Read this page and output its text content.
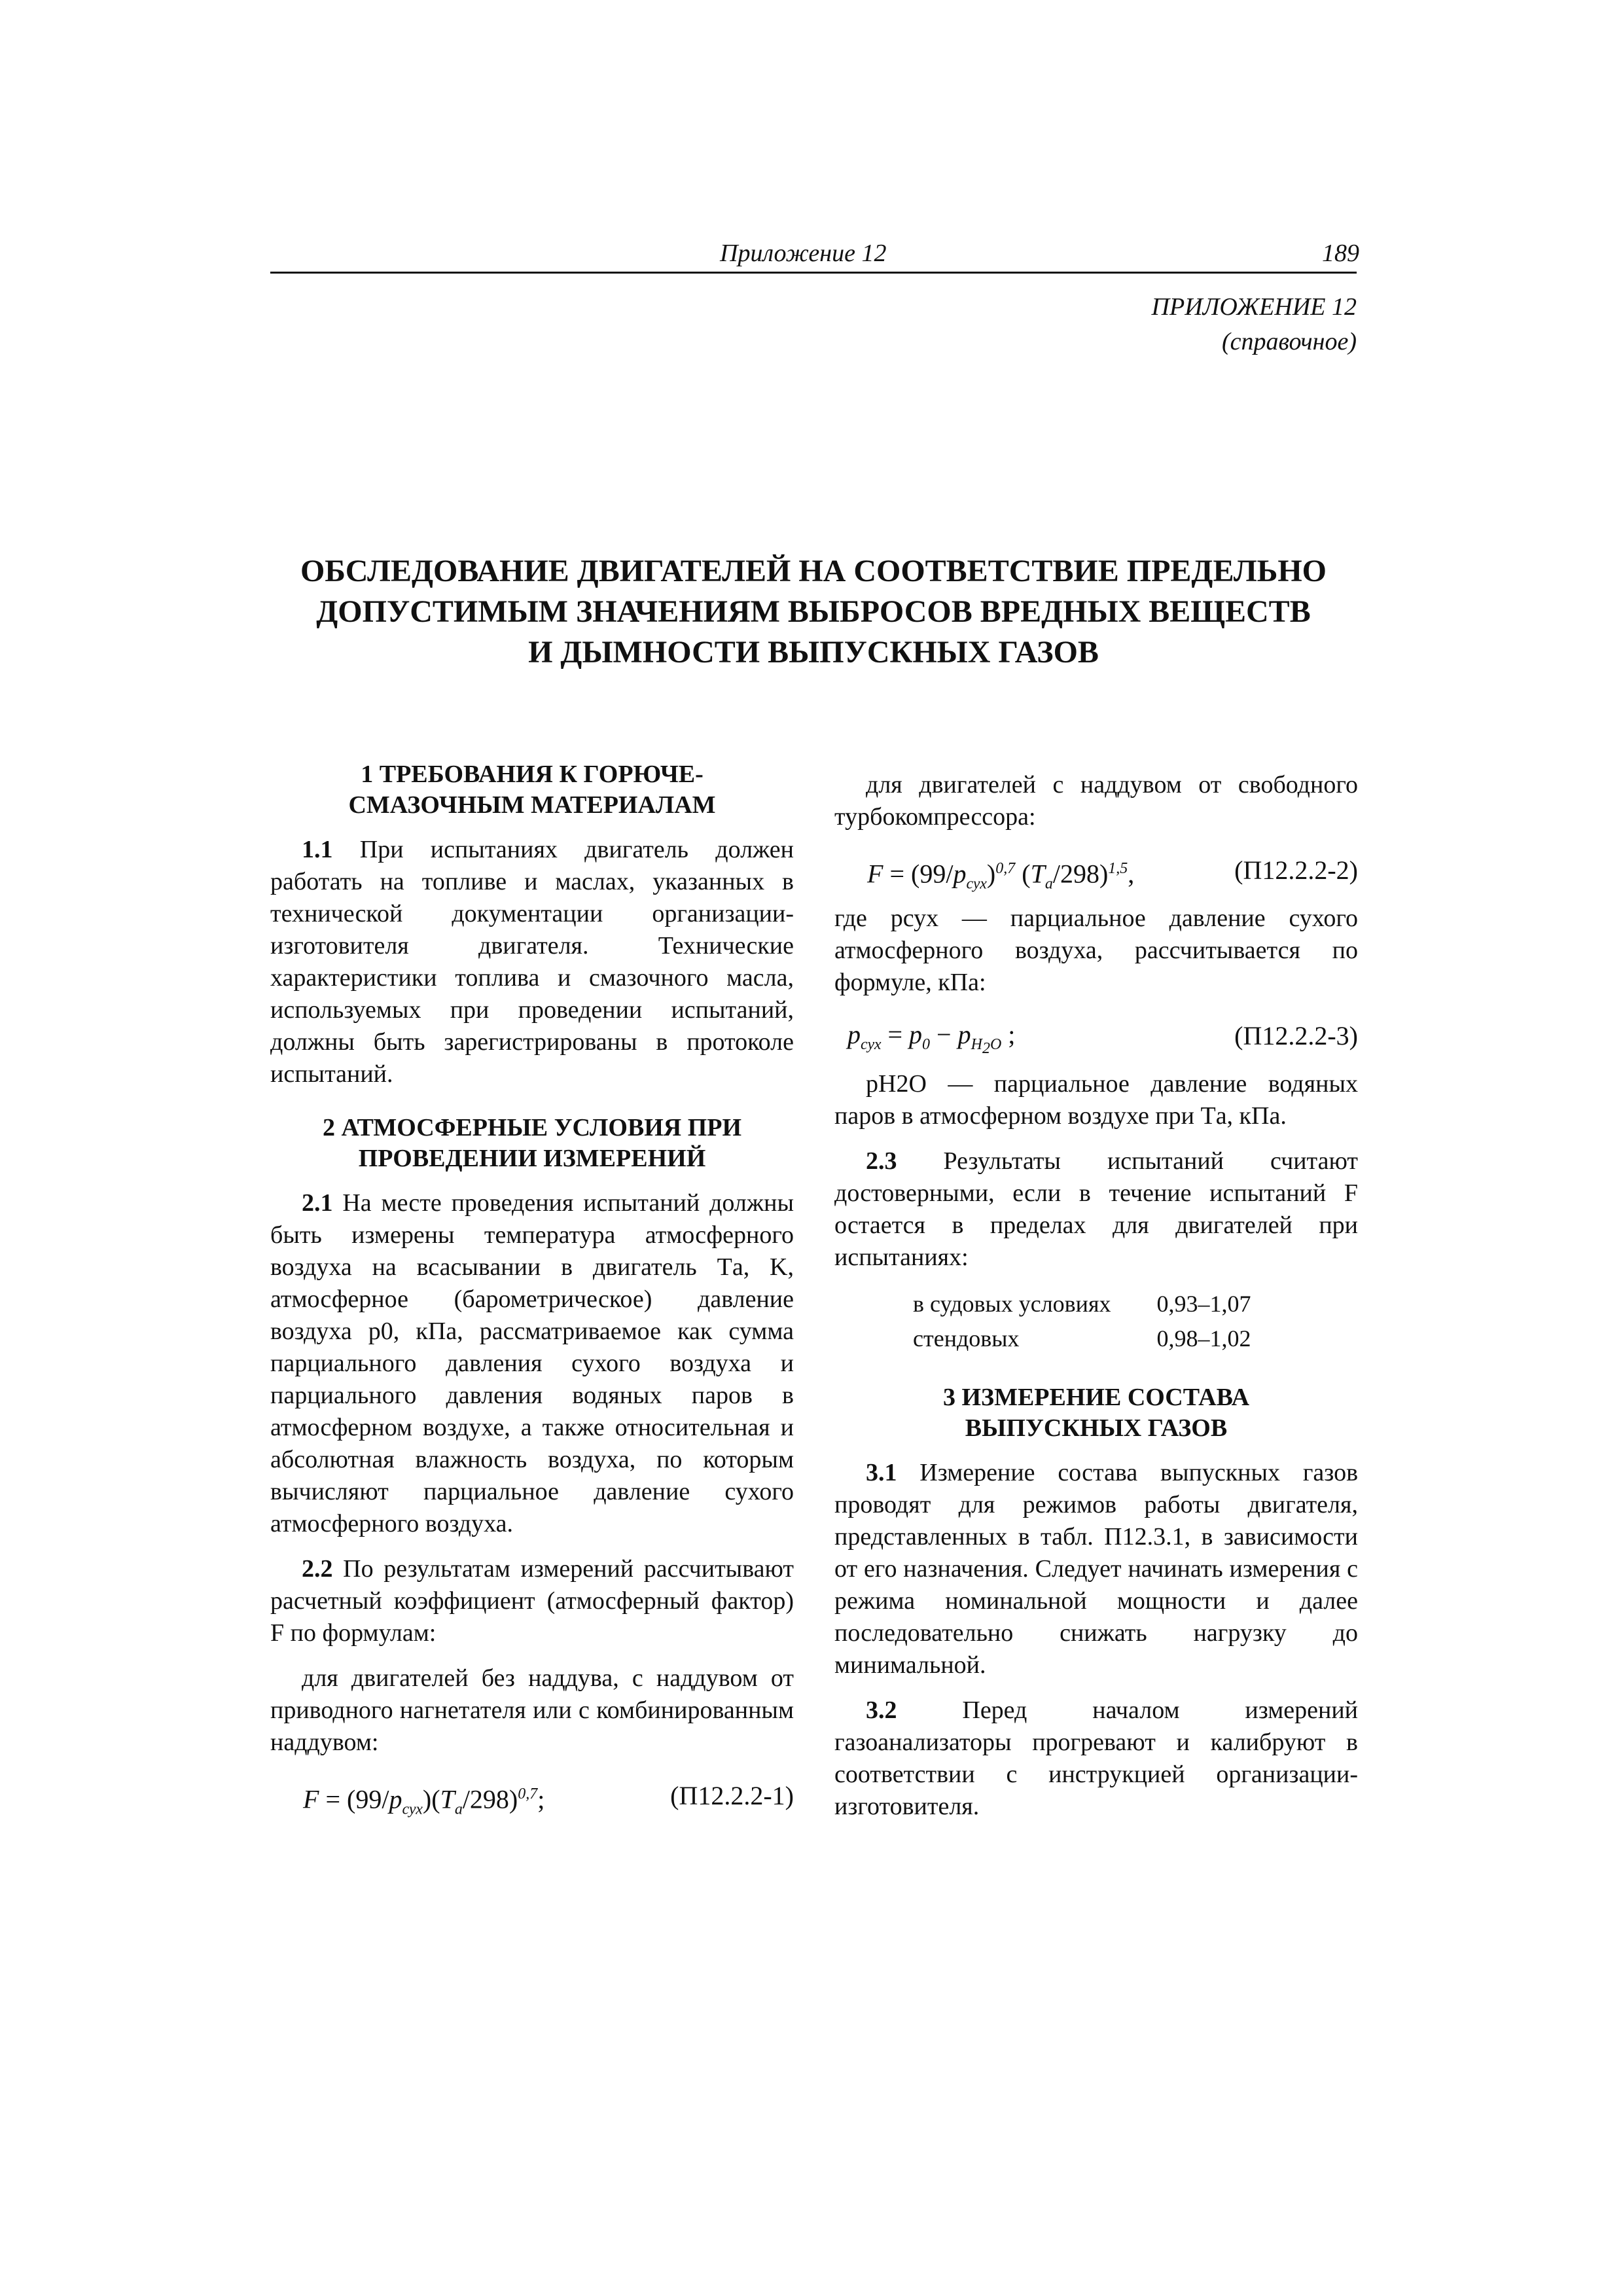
Приложение 12	189
ПРИЛОЖЕНИЕ 12
(справочное)
ОБСЛЕДОВАНИЕ ДВИГАТЕЛЕЙ НА СООТВЕТСТВИЕ ПРЕДЕЛЬНО
ДОПУСТИМЫМ ЗНАЧЕНИЯМ ВЫБРОСОВ ВРЕДНЫХ ВЕЩЕСТВ
И ДЫМНОСТИ ВЫПУСКНЫХ ГАЗОВ
1 ТРЕБОВАНИЯ К ГОРЮЧЕ-
СМАЗОЧНЫМ МАТЕРИАЛАМ

1.1 При испытаниях двигатель должен работать на топливе и маслах, указанных в технической документации организации-изготовителя двигателя. Технические характеристики топлива и смазочного масла, используемых при проведении испытаний, должны быть зарегистрированы в протоколе испытаний.

2 АТМОСФЕРНЫЕ УСЛОВИЯ ПРИ
ПРОВЕДЕНИИ ИЗМЕРЕНИЙ

2.1 На месте проведения испытаний должны быть измерены температура атмосферного воздуха на всасывании в двигатель Tа, K, атмосферное (барометрическое) давление воздуха p0, кПа, рассматриваемое как сумма парциального давления сухого воздуха и парциального давления водяных паров в атмосферном воздухе, а также относительная и абсолютная влажность воздуха, по которым вычисляют парциальное давление сухого атмосферного воздуха.

2.2 По результатам измерений рассчитывают расчетный коэффициент (атмосферный фактор) F по формулам:

для двигателей без наддува, с наддувом от приводного нагнетателя или с комбинированным наддувом:

$F = (99/p_{сух})(T_а/298)^{0,7}$;	(П12.2.2-1)

для двигателей с наддувом от свободного турбокомпрессора:

$F = (99/p_{сух})^{0,7}$ $(T_а/298)^{1,5}$,	(П12.2.2-2)

где pсух — парциальное давление сухого атмосферного воздуха, рассчитывается по формуле, кПа:

$p_{сух} = p_0 - p_{H_2O}$ ;	(П12.2.2-3)

pH2O — парциальное давление водяных паров в атмосферном воздухе при Tа, кПа.

2.3 Результаты испытаний считают достоверными, если в течение испытаний F остается в пределах для двигателей при испытаниях:

в судовых условиях	0,93–1,07
стендовых	0,98–1,02
3 ИЗМЕРЕНИЕ СОСТАВА
ВЫПУСКНЫХ ГАЗОВ

3.1 Измерение состава выпускных газов проводят для режимов работы двигателя, представленных в табл. П12.3.1, в зависимости от его назначения. Следует начинать измерения с режима номинальной мощности и далее последовательно снижать нагрузку до минимальной.

3.2	Перед началом измерений газоанализаторы прогревают и калибруют в соответствии с инструкцией организации-изготовителя.
